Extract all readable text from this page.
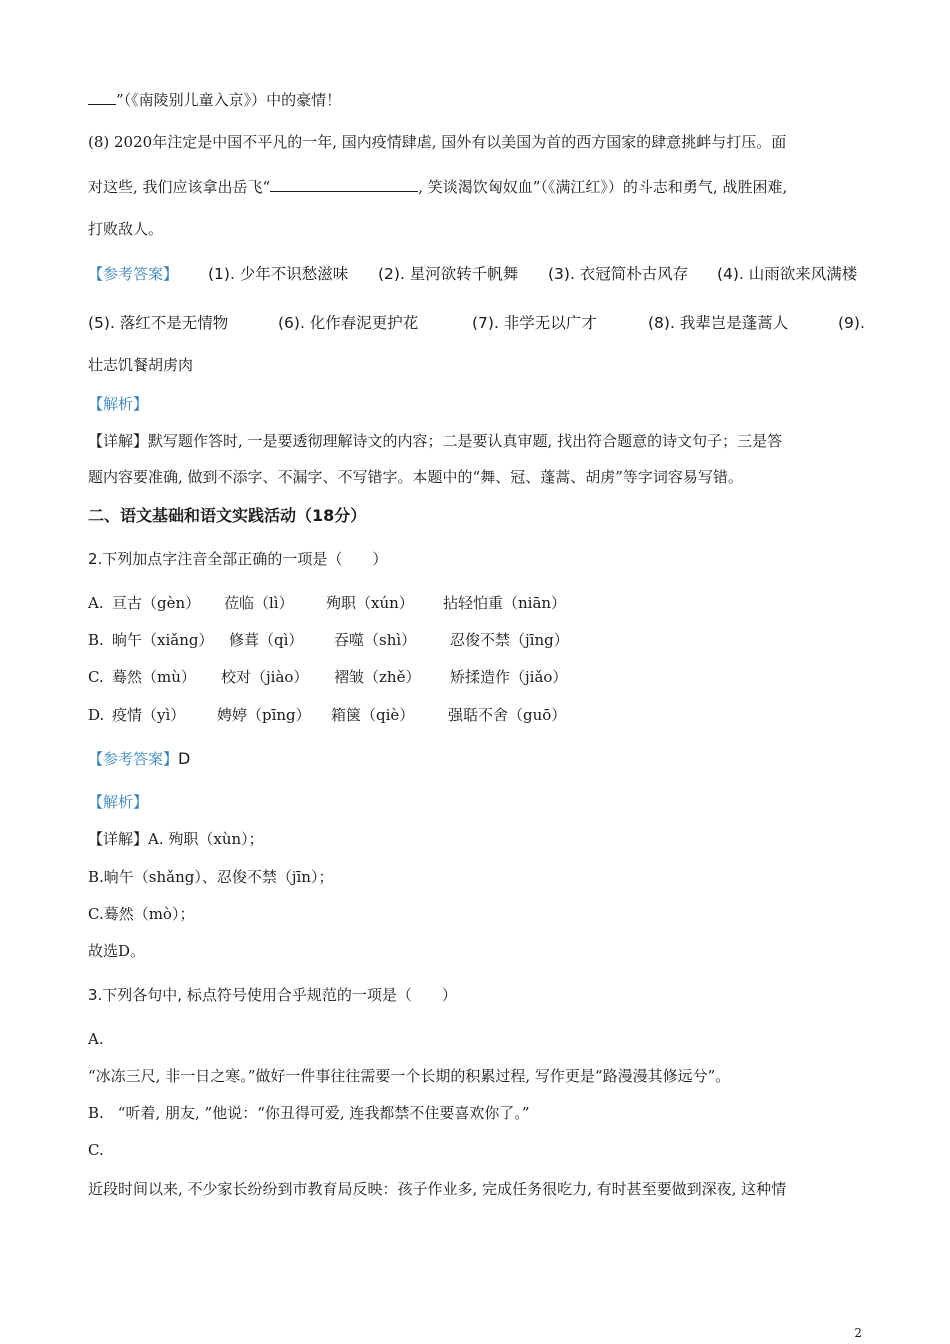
”（《南陵别儿童入京》）中的豪情！
(8) 2020年注定是中国不平凡的一年, 国内疫情肆虐, 国外有以美国为首的西方国家的肆意挑衅与打压。面
对这些, 我们应该拿出岳飞“	, 笑谈渴饮匈奴血”（《满江红》）的斗志和勇气, 战胜困难,
打败敌人。
【参考答案】 (1). 少年不识愁滋味 (2). 星河欲转千帆舞 (3). 衣冠简朴古风存 (4). 山雨欲来风满楼
(5). 落红不是无情物	(6). 化作春泥更护花	(7). 非学无以广才	(8). 我辈岂是蓬蒿人	(9).
壮志饥餐胡虏肉
【解析】
【详解】默写题作答时, 一是要透彻理解诗文的内容；二是要认真审题, 找出符合题意的诗文句子；三是答
题内容要准确, 做到不添字、不漏字、不写错字。本题中的“舞、冠、蓬蒿、胡虏”等字词容易写错。
二、语文基础和语文实践活动（18分）
2.下列加点字注音全部正确的一项是（　　）
A. 亘古（gèn） 莅临（lì） 殉职（xún） 拈轻怕重（niān）
B. 晌午（xiǎng） 修葺（qì） 吞噬（shì） 忍俊不禁（jīng）
C. 蓦然（mù） 校对（jiào） 褶皱（zhě） 矫揉造作（jiǎo）
D. 疫情（yì） 娉婷（pīng） 箱箧（qiè） 强聒不舍（guō）
【参考答案】D
【解析】
【详解】A. 殉职（xùn）；
B.晌午（shǎng）、忍俊不禁（jīn）；
C.蓦然（mò）；
故选D。
3.下列各句中, 标点符号使用合乎规范的一项是（　　）
A.
“冰冻三尺, 非一日之寒。”做好一件事往往需要一个长期的积累过程, 写作更是“路漫漫其修远兮”。
B. “听着, 朋友, ”他说：“你丑得可爱, 连我都禁不住要喜欢你了。”
C.
近段时间以来, 不少家长纷纷到市教育局反映：孩子作业多, 完成任务很吃力, 有时甚至要做到深夜, 这种情
2
